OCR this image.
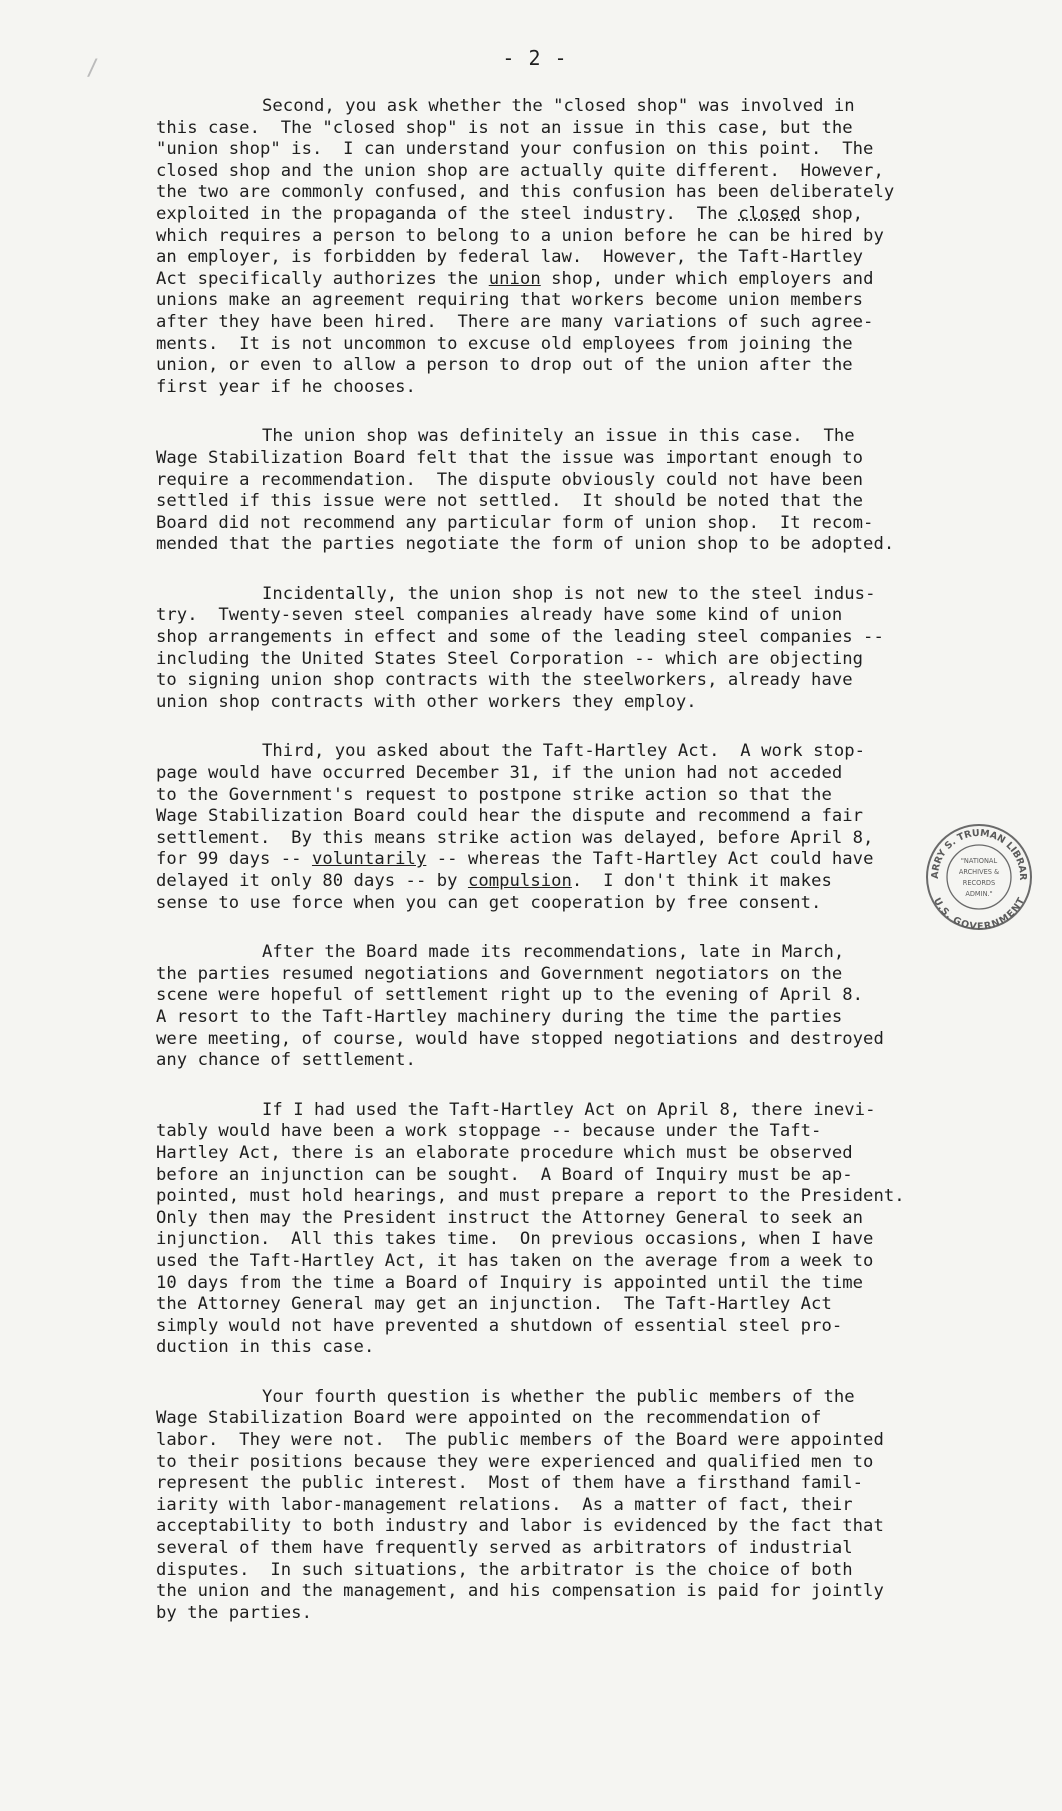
/	- 2 -
Second, you ask whether the "closed shop" was involved in
this case.  The "closed shop" is not an issue in this case, but the
"union shop" is.  I can understand your confusion on this point.  The
closed shop and the union shop are actually quite different.  However,
the two are commonly confused, and this confusion has been deliberately
exploited in the propaganda of the steel industry.  The closed shop,
which requires a person to belong to a union before he can be hired by
an employer, is forbidden by federal law.  However, the Taft-Hartley
Act specifically authorizes the union shop, under which employers and
unions make an agreement requiring that workers become union members
after they have been hired.  There are many variations of such agree-
ments.  It is not uncommon to excuse old employees from joining the
union, or even to allow a person to drop out of the union after the
first year if he chooses.
The union shop was definitely an issue in this case.  The
Wage Stabilization Board felt that the issue was important enough to
require a recommendation.  The dispute obviously could not have been
settled if this issue were not settled.  It should be noted that the
Board did not recommend any particular form of union shop.  It recom-
mended that the parties negotiate the form of union shop to be adopted.
Incidentally, the union shop is not new to the steel indus-
try.  Twenty-seven steel companies already have some kind of union
shop arrangements in effect and some of the leading steel companies --
including the United States Steel Corporation -- which are objecting
to signing union shop contracts with the steelworkers, already have
union shop contracts with other workers they employ.
Third, you asked about the Taft-Hartley Act.  A work stop-
page would have occurred December 31, if the union had not acceded
to the Government's request to postpone strike action so that the
Wage Stabilization Board could hear the dispute and recommend a fair
settlement.  By this means strike action was delayed, before April 8,
for 99 days -- voluntarily -- whereas the Taft-Hartley Act could have
delayed it only 80 days -- by compulsion.  I don't think it makes
sense to use force when you can get cooperation by free consent.
After the Board made its recommendations, late in March,
the parties resumed negotiations and Government negotiators on the
scene were hopeful of settlement right up to the evening of April 8.
A resort to the Taft-Hartley machinery during the time the parties
were meeting, of course, would have stopped negotiations and destroyed
any chance of settlement.
If I had used the Taft-Hartley Act on April 8, there inevi-
tably would have been a work stoppage -- because under the Taft-
Hartley Act, there is an elaborate procedure which must be observed
before an injunction can be sought.  A Board of Inquiry must be ap-
pointed, must hold hearings, and must prepare a report to the President.
Only then may the President instruct the Attorney General to seek an
injunction.  All this takes time.  On previous occasions, when I have
used the Taft-Hartley Act, it has taken on the average from a week to
10 days from the time a Board of Inquiry is appointed until the time
the Attorney General may get an injunction.  The Taft-Hartley Act
simply would not have prevented a shutdown of essential steel pro-
duction in this case.
Your fourth question is whether the public members of the
Wage Stabilization Board were appointed on the recommendation of
labor.  They were not.  The public members of the Board were appointed
to their positions because they were experienced and qualified men to
represent the public interest.  Most of them have a firsthand famil-
iarity with labor-management relations.  As a matter of fact, their
acceptability to both industry and labor is evidenced by the fact that
several of them have frequently served as arbitrators of industrial
disputes.  In such situations, the arbitrator is the choice of both
the union and the management, and his compensation is paid for jointly
by the parties.
ARRY S. TRUMAN LIBRAR
U.S. GOVERNMENT
"NATIONAL
ARCHIVES &
RECORDS
ADMIN."
